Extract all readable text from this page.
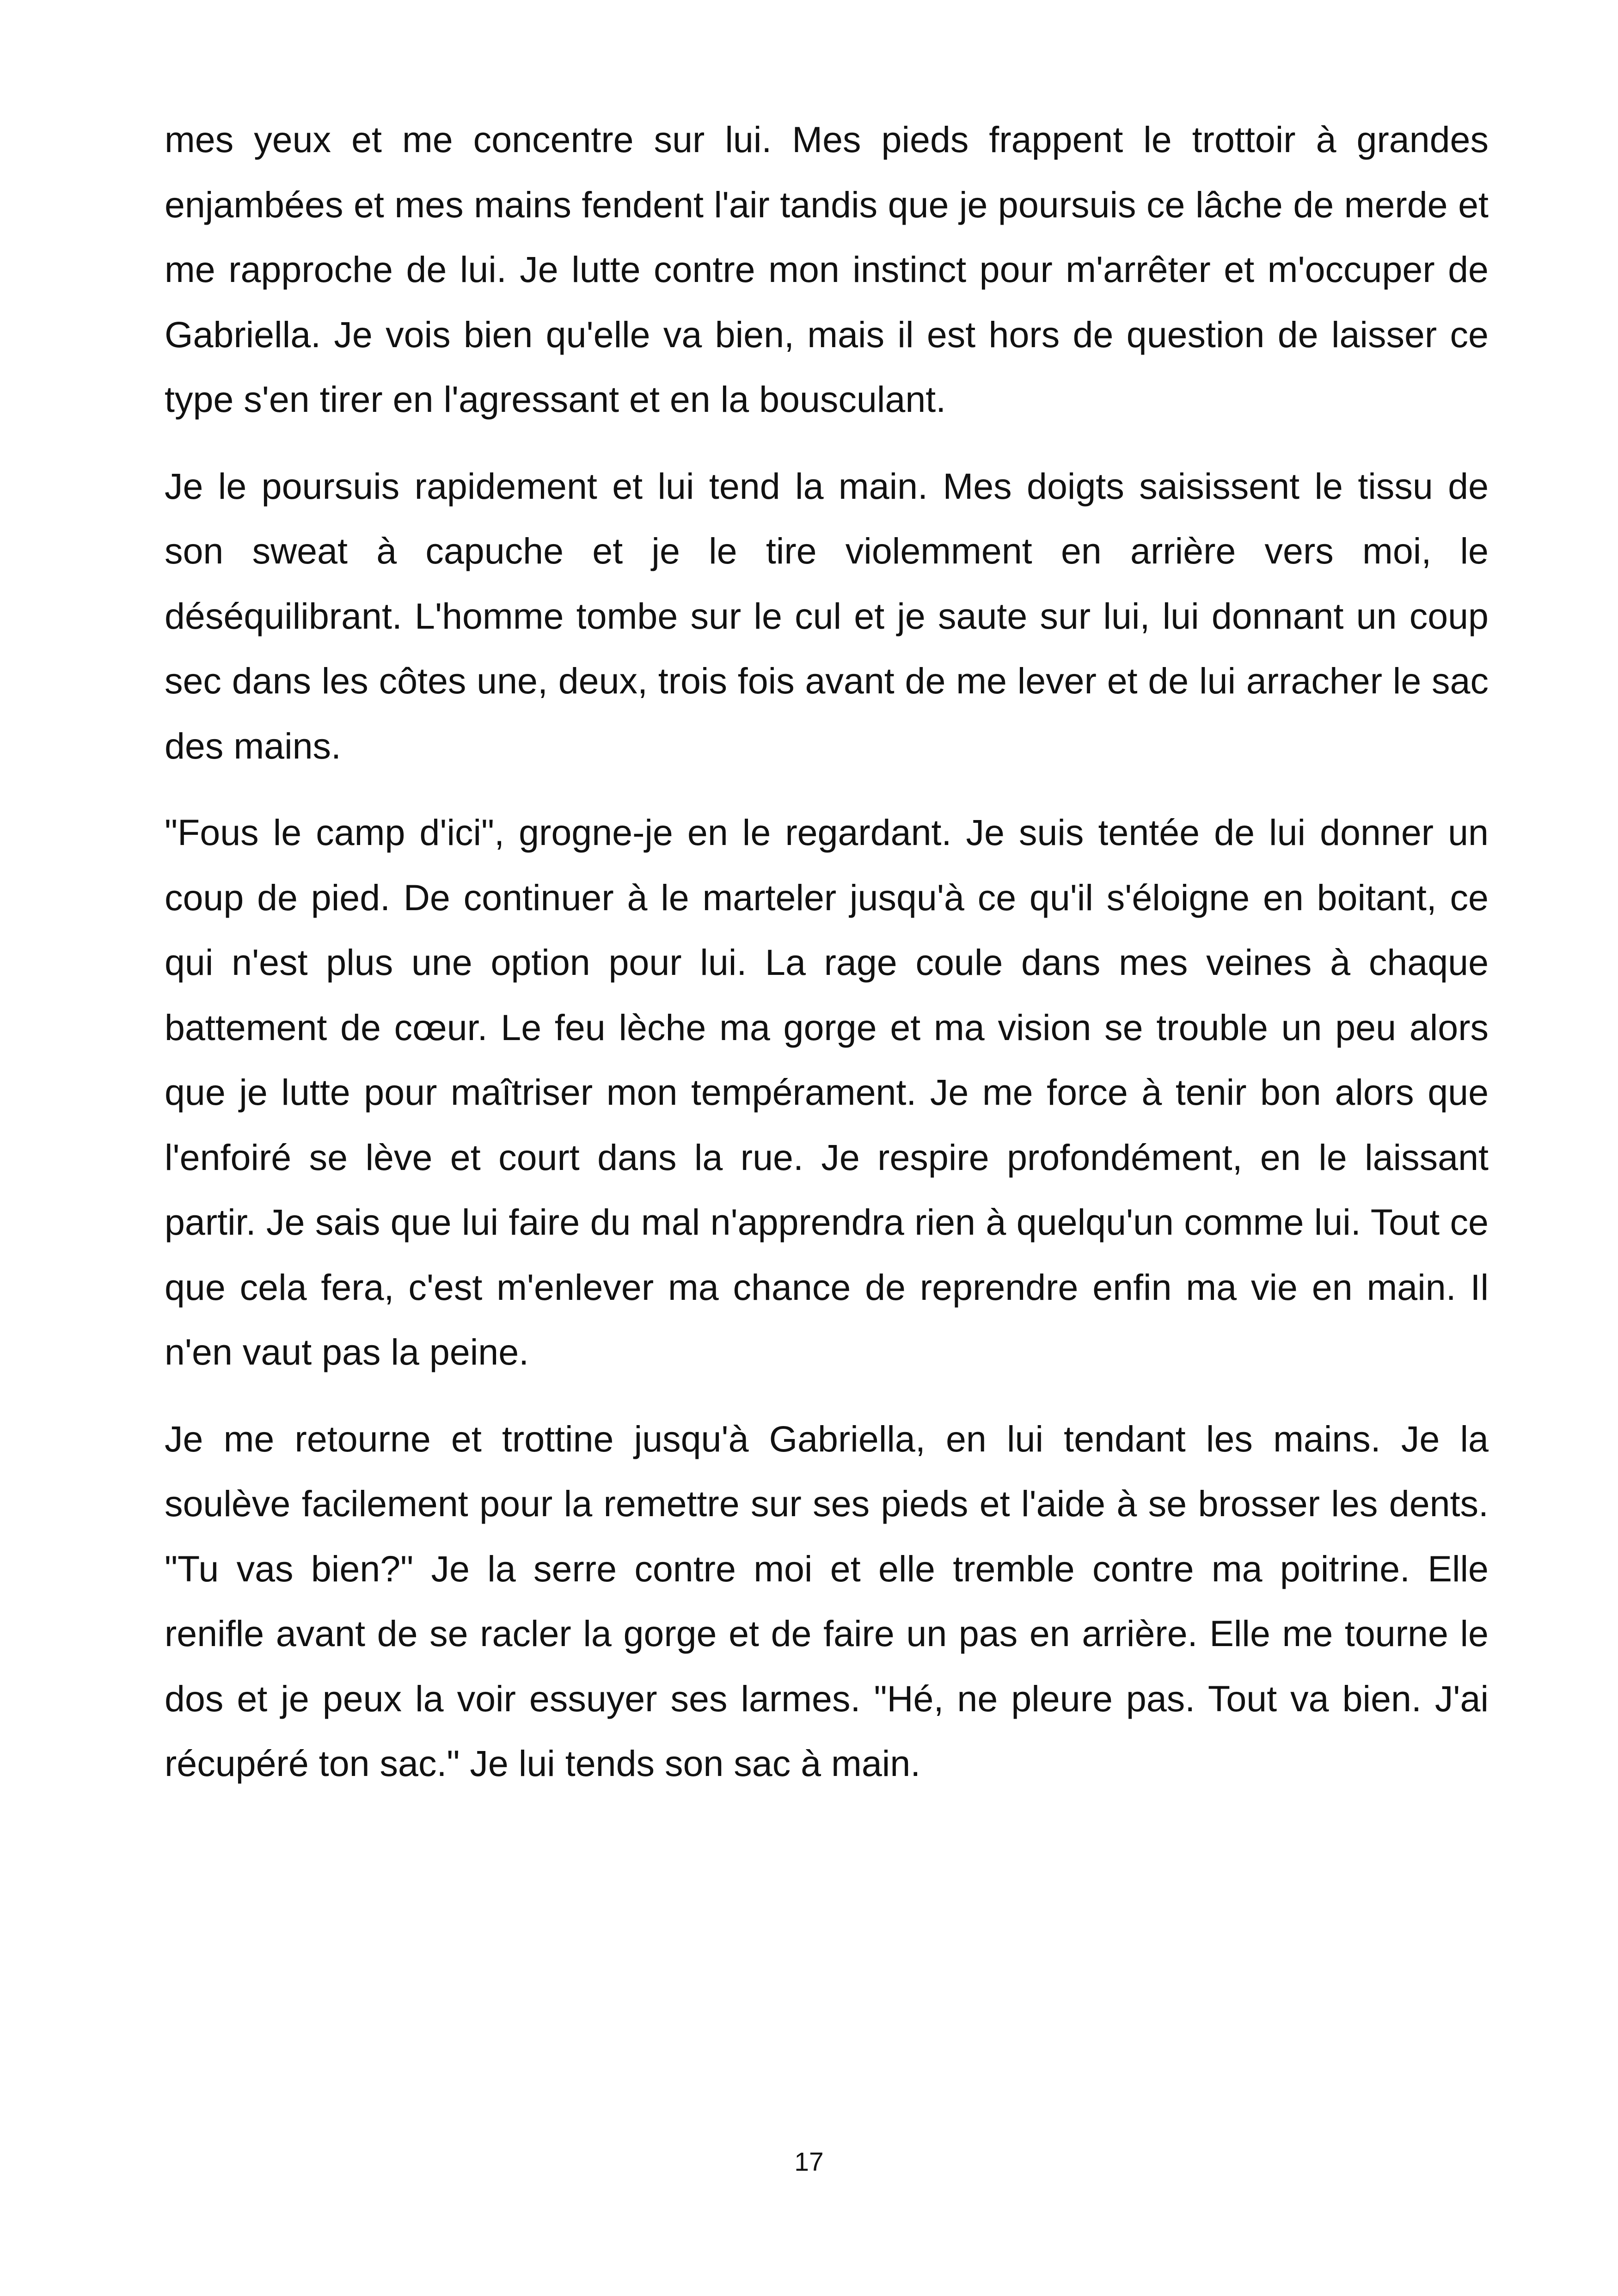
mes yeux et me concentre sur lui. Mes pieds frappent le trottoir à grandes enjambées et mes mains fendent l'air tandis que je poursuis ce lâche de merde et me rapproche de lui. Je lutte contre mon instinct pour m'arrêter et m'occuper de Gabriella. Je vois bien qu'elle va bien, mais il est hors de question de laisser ce type s'en tirer en l'agressant et en la bousculant.

Je le poursuis rapidement et lui tend la main. Mes doigts saisissent le tissu de son sweat à capuche et je le tire violemment en arrière vers moi, le déséquilibrant. L'homme tombe sur le cul et je saute sur lui, lui donnant un coup sec dans les côtes une, deux, trois fois avant de me lever et de lui arracher le sac des mains.

"Fous le camp d'ici", grogne-je en le regardant. Je suis tentée de lui donner un coup de pied. De continuer à le marteler jusqu'à ce qu'il s'éloigne en boitant, ce qui n'est plus une option pour lui. La rage coule dans mes veines à chaque battement de cœur. Le feu lèche ma gorge et ma vision se trouble un peu alors que je lutte pour maîtriser mon tempérament. Je me force à tenir bon alors que l'enfoiré se lève et court dans la rue. Je respire profondément, en le laissant partir. Je sais que lui faire du mal n'apprendra rien à quelqu'un comme lui. Tout ce que cela fera, c'est m'enlever ma chance de reprendre enfin ma vie en main. Il n'en vaut pas la peine.

Je me retourne et trottine jusqu'à Gabriella, en lui tendant les mains. Je la soulève facilement pour la remettre sur ses pieds et l'aide à se brosser les dents. "Tu vas bien?" Je la serre contre moi et elle tremble contre ma poitrine. Elle renifle avant de se racler la gorge et de faire un pas en arrière. Elle me tourne le dos et je peux la voir essuyer ses larmes. "Hé, ne pleure pas. Tout va bien. J'ai récupéré ton sac." Je lui tends son sac à main.

17
